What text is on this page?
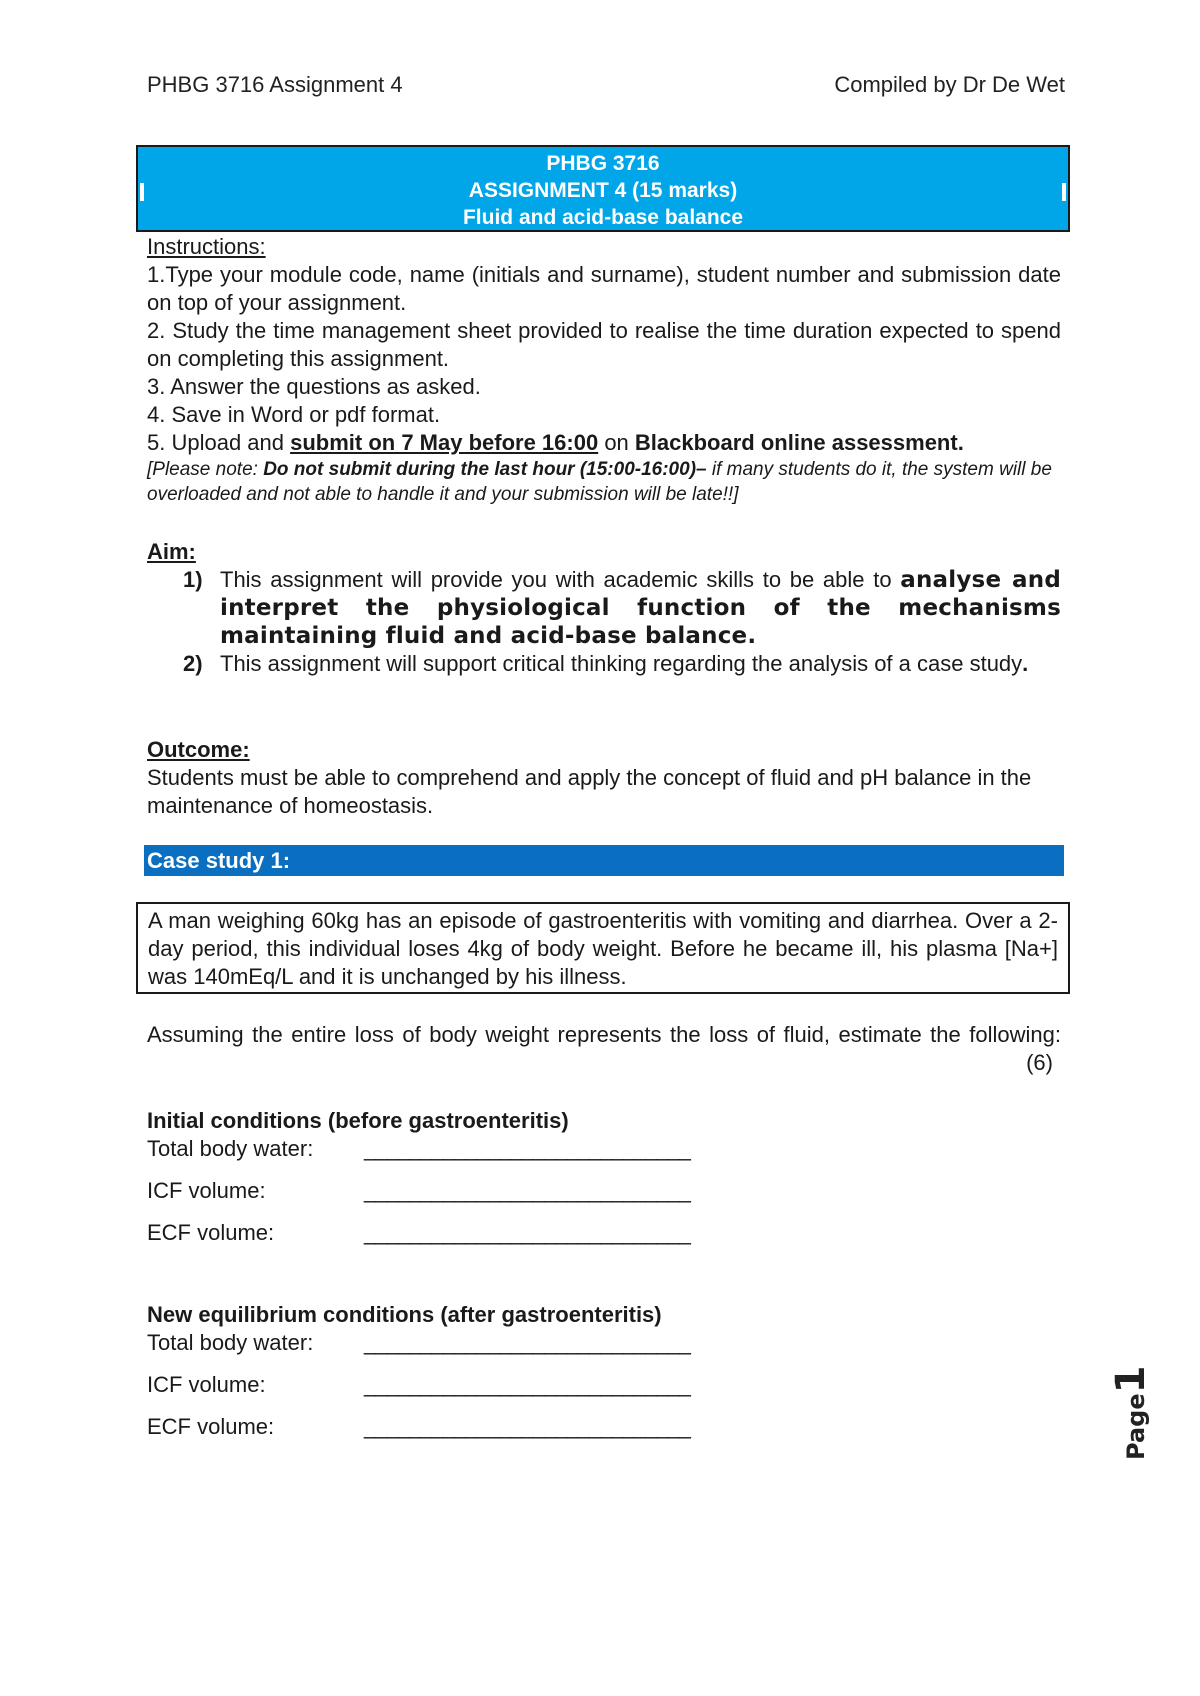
PHBG 3716 Assignment 4	Compiled by Dr De Wet
PHBG 3716
ASSIGNMENT 4 (15 marks)
Fluid and acid-base balance
Instructions:
1.Type your module code, name (initials and surname), student number and submission date on top of your assignment.
2. Study the time management sheet provided to realise the time duration expected to spend on completing this assignment.
3. Answer the questions as asked.
4. Save in Word or pdf format.
5. Upload and submit on 7 May before 16:00 on Blackboard online assessment.
[Please note: Do not submit during the last hour (15:00-16:00)– if many students do it, the system will be overloaded and not able to handle it and your submission will be late!!]
Aim:
1) This assignment will provide you with academic skills to be able to analyse and interpret the physiological function of the mechanisms maintaining fluid and acid-base balance.
2) This assignment will support critical thinking regarding the analysis of a case study.
Outcome:
Students must be able to comprehend and apply the concept of fluid and pH balance in the maintenance of homeostasis.
Case study 1:
A man weighing 60kg has an episode of gastroenteritis with vomiting and diarrhea. Over a 2-day period, this individual loses 4kg of body weight. Before he became ill, his plasma [Na+] was 140mEq/L and it is unchanged by his illness.
Assuming the entire loss of body weight represents the loss of fluid, estimate the following:
(6)
Initial conditions (before gastroenteritis)
Total body water: _____________________________
ICF volume:	_____________________________
ECF volume:	_____________________________
New equilibrium conditions (after gastroenteritis)
Total body water: _____________________________
ICF volume:	_____________________________
ECF volume:	_____________________________	Page1
